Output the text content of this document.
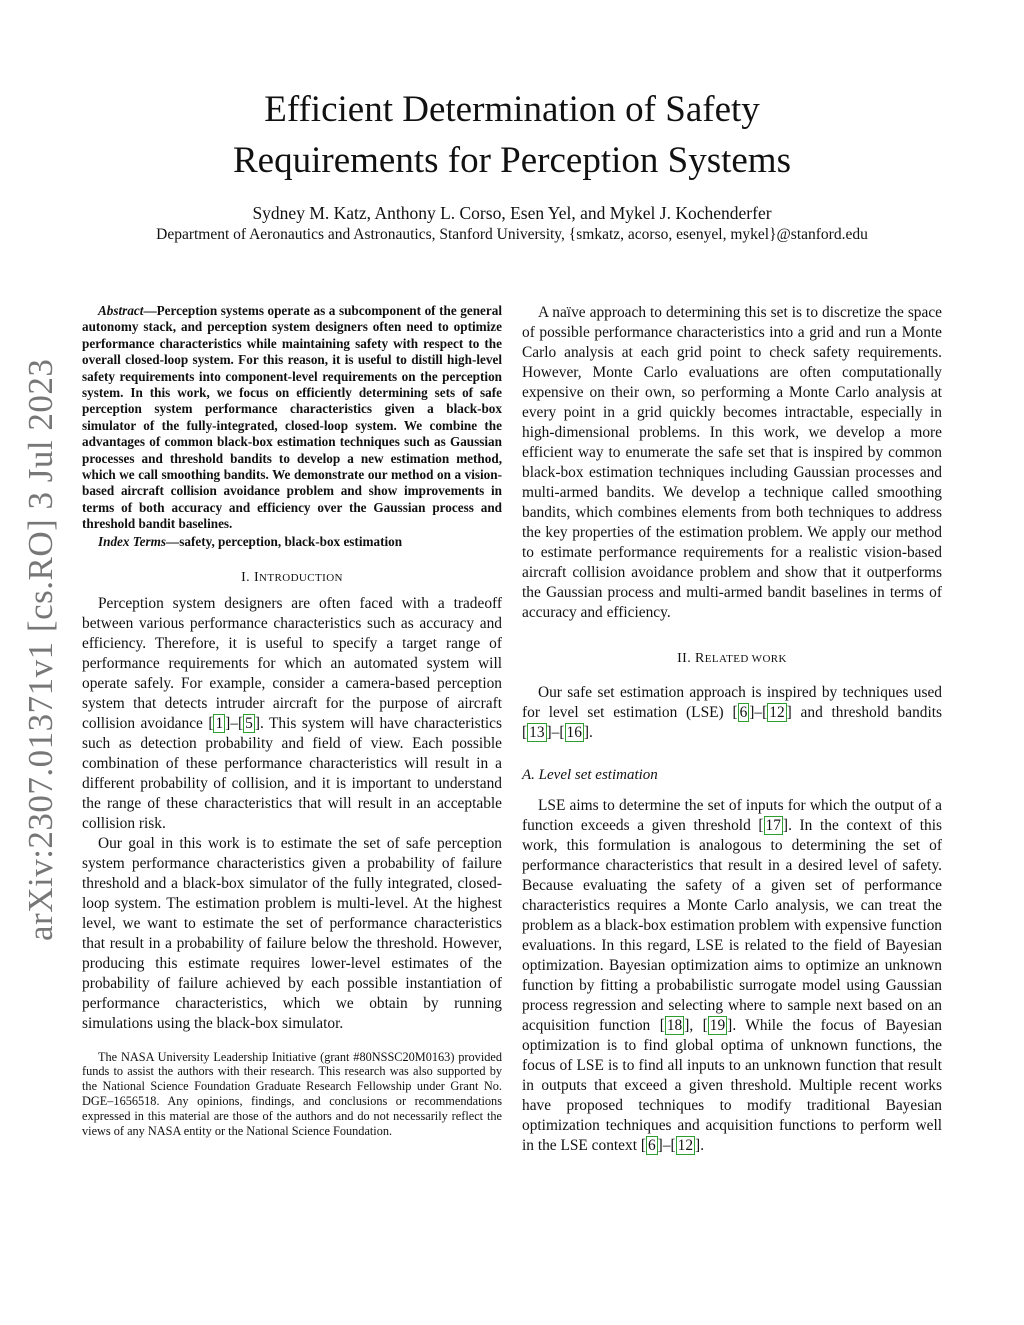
Efficient Determination of Safety
Requirements for Perception Systems

Sydney M. Katz, Anthony L. Corso, Esen Yel, and Mykel J. Kochenderfer

Department of Aeronautics and Astronautics, Stanford University, {smkatz, acorso, esenyel, mykel}@stanford.edu

arXiv:2307.01371v1 [cs.RO] 3 Jul 2023

Abstract—Perception systems operate as a subcomponent of the general autonomy stack, and perception system designers often need to optimize performance characteristics while maintaining safety with respect to the overall closed-loop system. For this reason, it is useful to distill high-level safety requirements into component-level requirements on the perception system. In this work, we focus on efficiently determining sets of safe perception system performance characteristics given a black-box simulator of the fully-integrated, closed-loop system. We combine the advantages of common black-box estimation techniques such as Gaussian processes and threshold bandits to develop a new estimation method, which we call smoothing bandits. We demonstrate our method on a vision-based aircraft collision avoidance problem and show improvements in terms of both accuracy and efficiency over the Gaussian process and threshold bandit baselines.

Index Terms—safety, perception, black-box estimation

I. INTRODUCTION

Perception system designers are often faced with a tradeoff between various performance characteristics such as accuracy and efficiency. Therefore, it is useful to specify a target range of performance requirements for which an automated system will operate safely. For example, consider a camera-based perception system that detects intruder aircraft for the purpose of aircraft collision avoidance [ 1 ]–[ 5 ]. This system will have characteristics such as detection probability and field of view. Each possible combination of these performance characteristics will result in a different probability of collision, and it is important to understand the range of these characteristics that will result in an acceptable collision risk.

Our goal in this work is to estimate the set of safe perception system performance characteristics given a probability of failure threshold and a black-box simulator of the fully integrated, closed-loop system. The estimation problem is multi-level. At the highest level, we want to estimate the set of performance characteristics that result in a probability of failure below the threshold. However, producing this estimate requires lower-level estimates of the probability of failure achieved by each possible instantiation of performance characteristics, which we obtain by running simulations using the black-box simulator.

The NASA University Leadership Initiative (grant #80NSSC20M0163) provided funds to assist the authors with their research. This research was also supported by the National Science Foundation Graduate Research Fellowship under Grant No. DGE–1656518. Any opinions, findings, and conclusions or recommendations expressed in this material are those of the authors and do not necessarily reflect the views of any NASA entity or the National Science Foundation.

A naïve approach to determining this set is to discretize the space of possible performance characteristics into a grid and run a Monte Carlo analysis at each grid point to check safety requirements. However, Monte Carlo evaluations are often computationally expensive on their own, so performing a Monte Carlo analysis at every point in a grid quickly becomes intractable, especially in high-dimensional problems. In this work, we develop a more efficient way to enumerate the safe set that is inspired by common black-box estimation techniques including Gaussian processes and multi-armed bandits. We develop a technique called smoothing bandits, which combines elements from both techniques to address the key properties of the estimation problem. We apply our method to estimate performance requirements for a realistic vision-based aircraft collision avoidance problem and show that it outperforms the Gaussian process and multi-armed bandit baselines in terms of accuracy and efficiency.

II. RELATED WORK

Our safe set estimation approach is inspired by techniques used for level set estimation (LSE) [ 6 ]–[ 12 ] and threshold bandits [ 13 ]–[ 16 ].

A. Level set estimation

LSE aims to determine the set of inputs for which the output of a function exceeds a given threshold [ 17 ]. In the context of this work, this formulation is analogous to determining the set of performance characteristics that result in a desired level of safety. Because evaluating the safety of a given set of performance characteristics requires a Monte Carlo analysis, we can treat the problem as a black-box estimation problem with expensive function evaluations. In this regard, LSE is related to the field of Bayesian optimization. Bayesian optimization aims to optimize an unknown function by fitting a probabilistic surrogate model using Gaussian process regression and selecting where to sample next based on an acquisition function [ 18 ], [ 19 ]. While the focus of Bayesian optimization is to find global optima of unknown functions, the focus of LSE is to find all inputs to an unknown function that result in outputs that exceed a given threshold. Multiple recent works have proposed techniques to modify traditional Bayesian optimization techniques and acquisition functions to perform well in the LSE context [ 6 ]–[ 12 ].
